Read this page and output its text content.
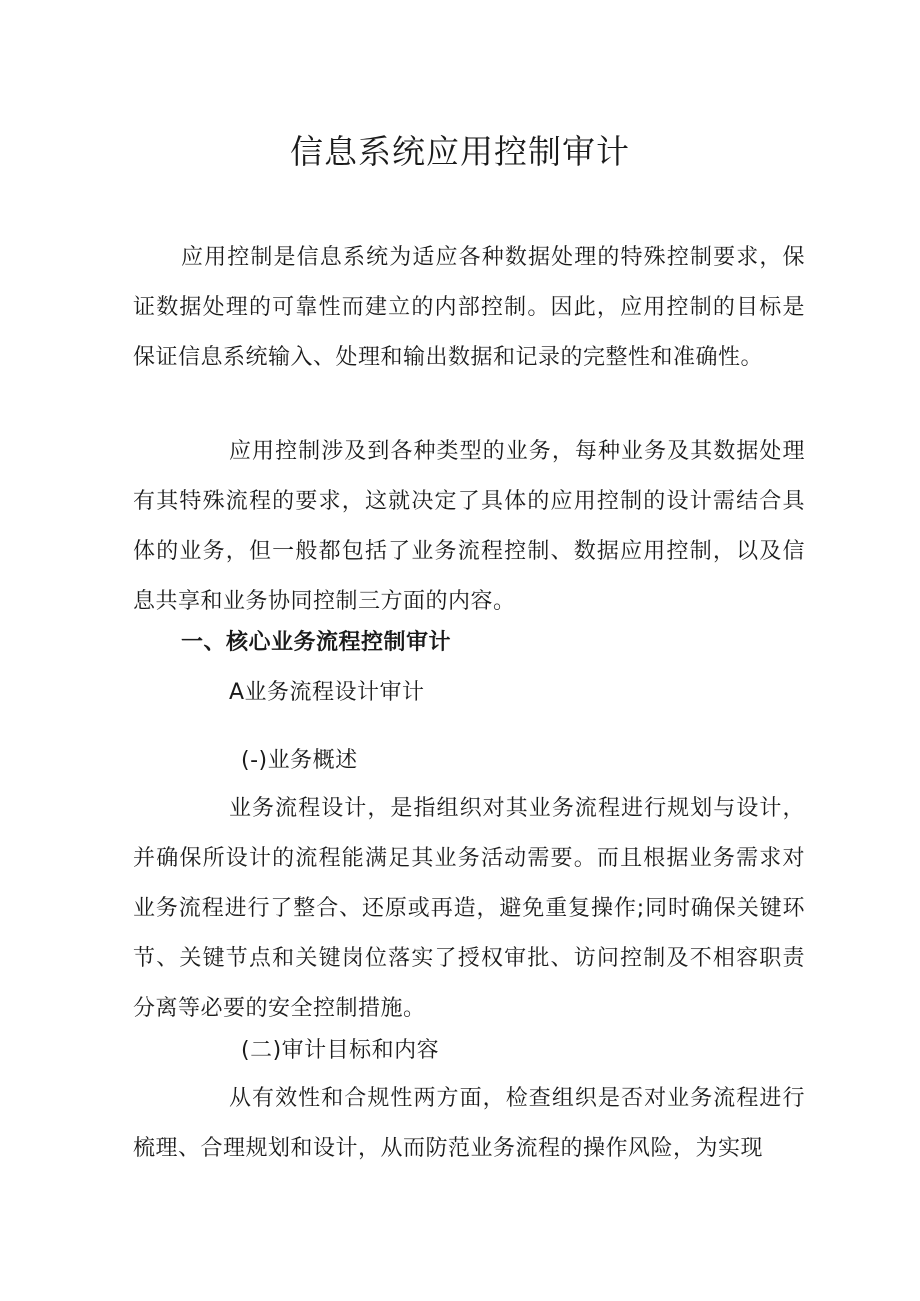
信息系统应用控制审计

应用控制是信息系统为适应各种数据处理的特殊控制要求，保证数据处理的可靠性而建立的内部控制。因此，应用控制的目标是保证信息系统输入、处理和输出数据和记录的完整性和准确性。

应用控制涉及到各种类型的业务，每种业务及其数据处理有其特殊流程的要求，这就决定了具体的应用控制的设计需结合具体的业务，但一般都包括了业务流程控制、数据应用控制，以及信息共享和业务协同控制三方面的内容。

一、核心业务流程控制审计

A业务流程设计审计

(-)业务概述

业务流程设计，是指组织对其业务流程进行规划与设计，并确保所设计的流程能满足其业务活动需要。而且根据业务需求对业务流程进行了整合、还原或再造，避免重复操作;同时确保关键环节、关键节点和关键岗位落实了授权审批、访问控制及不相容职责分离等必要的安全控制措施。

(二)审计目标和内容

从有效性和合规性两方面，检查组织是否对业务流程进行梳理、合理规划和设计，从而防范业务流程的操作风险，为实现
